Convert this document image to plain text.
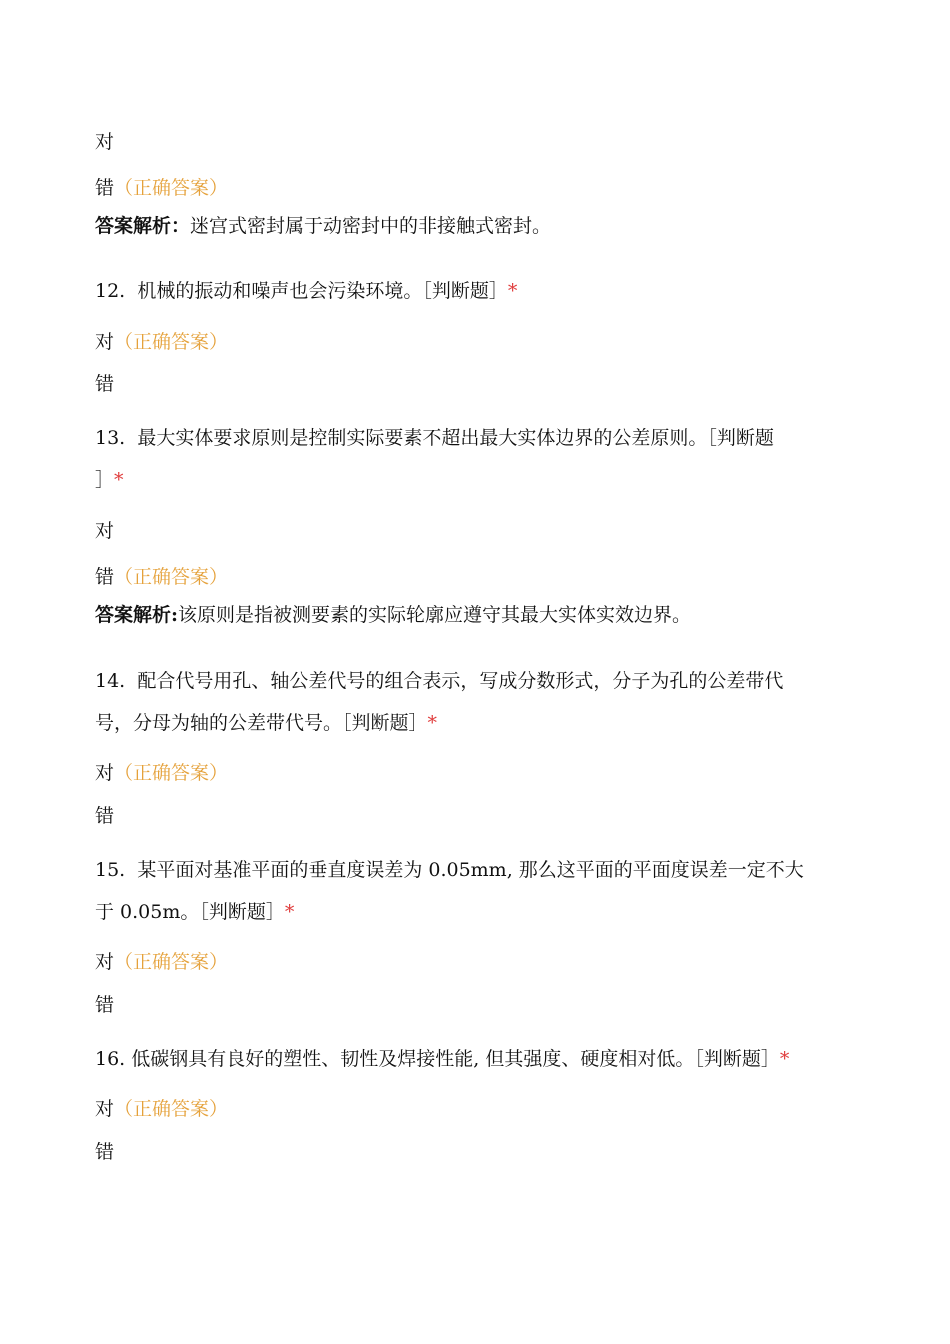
对
错（正确答案）
答案解析：迷宫式密封属于动密封中的非接触式密封。
12. 机械的振动和噪声也会污染环境。［判断题］*
对（正确答案）
错
13. 最大实体要求原则是控制实际要素不超出最大实体边界的公差原则。［判断题
］*
对
错（正确答案）
答案解析:该原则是指被测要素的实际轮廓应遵守其最大实体实效边界。
14. 配合代号用孔、轴公差代号的组合表示，写成分数形式，分子为孔的公差带代
号，分母为轴的公差带代号。［判断题］*
对（正确答案）
错
15. 某平面对基准平面的垂直度误差为 0.05mm, 那么这平面的平面度误差一定不大
于 0.05m。［判断题］*
对（正确答案）
错
16. 低碳钢具有良好的塑性、韧性及焊接性能, 但其强度、硬度相对低。［判断题］*
对（正确答案）
错
